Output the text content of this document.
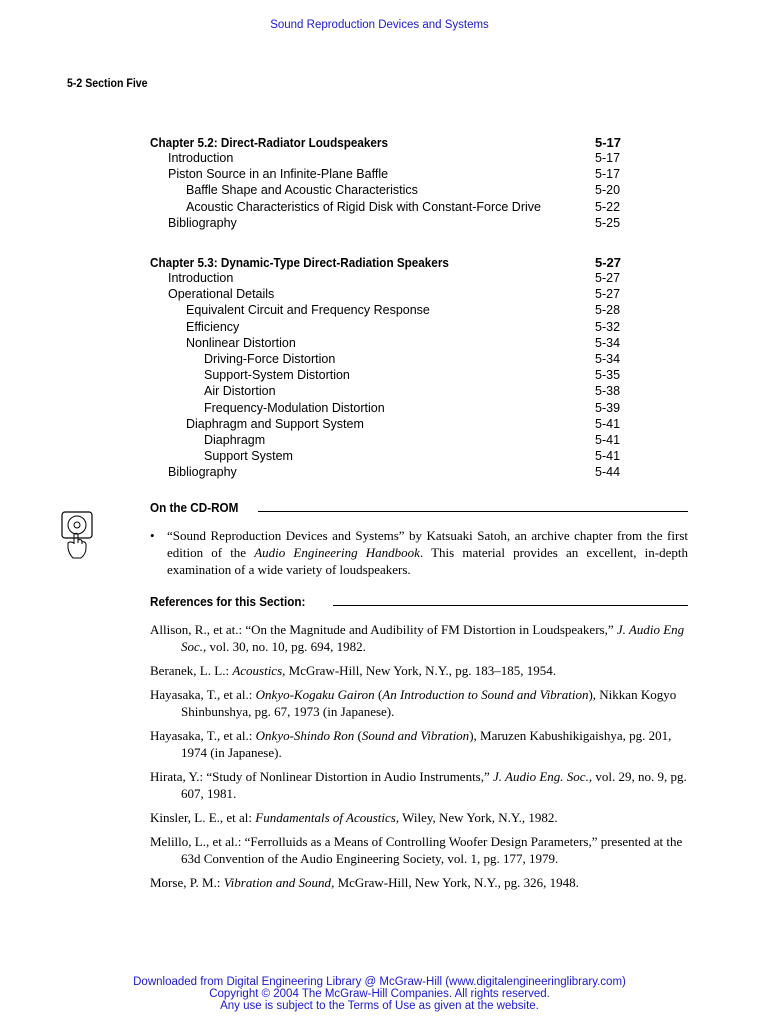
Sound Reproduction Devices and Systems
5-2 Section Five
Chapter 5.2: Direct-Radiator Loudspeakers	5-17
Introduction	5-17
Piston Source in an Infinite-Plane Baffle	5-17
Baffle Shape and Acoustic Characteristics	5-20
Acoustic Characteristics of Rigid Disk with Constant-Force Drive	5-22
Bibliography	5-25
Chapter 5.3: Dynamic-Type Direct-Radiation Speakers	5-27
Introduction	5-27
Operational Details	5-27
Equivalent Circuit and Frequency Response	5-28
Efficiency	5-32
Nonlinear Distortion	5-34
Driving-Force Distortion	5-34
Support-System Distortion	5-35
Air Distortion	5-38
Frequency-Modulation Distortion	5-39
Diaphragm and Support System	5-41
Diaphragm	5-41
Support System	5-41
Bibliography	5-44
On the CD-ROM
• “Sound Reproduction Devices and Systems” by Katsuaki Satoh, an archive chapter from the first edition of the Audio Engineering Handbook. This material provides an excellent, in-depth examination of a wide variety of loudspeakers.
References for this Section:
Allison, R., et at.: “On the Magnitude and Audibility of FM Distortion in Loudspeakers,” J. Audio Eng Soc., vol. 30, no. 10, pg. 694, 1982.
Beranek, L. L.: Acoustics, McGraw-Hill, New York, N.Y., pg. 183–185, 1954.
Hayasaka, T., et al.: Onkyo-Kogaku Gairon (An Introduction to Sound and Vibration), Nikkan Kogyo Shinbunshya, pg. 67, 1973 (in Japanese).
Hayasaka, T., et al.: Onkyo-Shindo Ron (Sound and Vibration), Maruzen Kabushikigaishya, pg. 201, 1974 (in Japanese).
Hirata, Y.: “Study of Nonlinear Distortion in Audio Instruments,” J. Audio Eng. Soc., vol. 29, no. 9, pg. 607, 1981.
Kinsler, L. E., et al: Fundamentals of Acoustics, Wiley, New York, N.Y., 1982.
Melillo, L., et al.: “Ferrolluids as a Means of Controlling Woofer Design Parameters,” presented at the 63d Convention of the Audio Engineering Society, vol. 1, pg. 177, 1979.
Morse, P. M.: Vibration and Sound, McGraw-Hill, New York, N.Y., pg. 326, 1948.
Downloaded from Digital Engineering Library @ McGraw-Hill (www.digitalengineeringlibrary.com)
Copyright © 2004 The McGraw-Hill Companies. All rights reserved.
Any use is subject to the Terms of Use as given at the website.
